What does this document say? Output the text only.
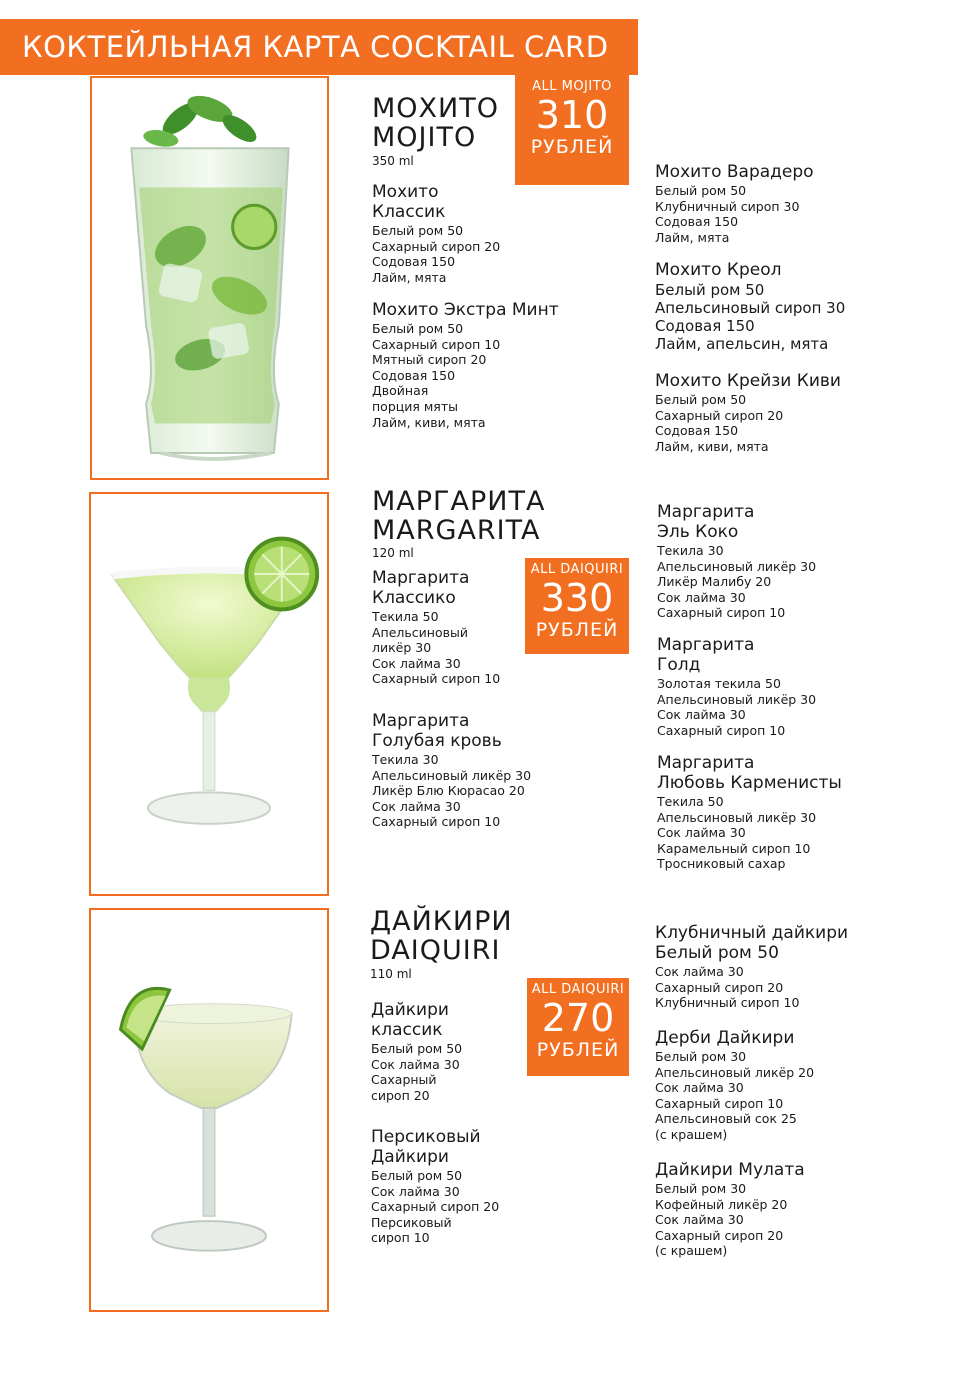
КОКТЕЙЛЬНАЯ КАРТА COCKTAIL CARD
МОХИТО
MOJITO
350 ml
ALL MOJITO
310
РУБЛЕЙ
Мохито
Классик
Белый ром 50
Сахарный сироп 20
Содовая 150
Лайм, мята
Мохито Экстра Минт
Белый ром 50
Сахарный сироп 10
Мятный сироп 20
Содовая 150
Двойная
порция мяты
Лайм, киви, мята
Мохито Варадеро
Белый ром 50
Клубничный сироп 30
Содовая 150
Лайм, мята
Мохито Креол
Белый ром 50
Апельсиновый сироп 30
Содовая 150
Лайм, апельсин, мята
Мохито Крейзи Киви
Белый ром 50
Сахарный сироп 20
Содовая 150
Лайм, киви, мята
МАРГАРИТА
MARGARITA
120 ml
ALL DAIQUIRI
330
РУБЛЕЙ
Маргарита
Классико
Текила 50
Апельсиновый
ликёр 30
Сок лайма 30
Сахарный сироп 10
Маргарита
Голубая кровь
Текила 30
Апельсиновый ликёр 30
Ликёр Блю Кюрасао 20
Сок лайма 30
Сахарный сироп 10
Маргарита
Эль Коко
Текила 30
Апельсиновый ликёр 30
Ликёр Малибу 20
Сок лайма 30
Сахарный сироп 10
Маргарита
Голд
Золотая текила 50
Апельсиновый ликёр 30
Сок лайма 30
Сахарный сироп 10
Маргарита
Любовь Карменисты
Текила 50
Апельсиновый ликёр 30
Сок лайма 30
Карамельный сироп 10
Тросниковый сахар
ДАЙКИРИ
DAIQUIRI
110 ml
ALL DAIQUIRI
270
РУБЛЕЙ
Дайкири
классик
Белый ром 50
Сок лайма 30
Сахарный
сироп 20
Персиковый
Дайкири
Белый ром 50
Сок лайма 30
Сахарный сироп 20
Персиковый
сироп 10
Клубничный дайкири
Белый ром 50
Сок лайма 30
Сахарный сироп 20
Клубничный сироп 10
Дерби Дайкири
Белый ром 30
Апельсиновый ликёр 20
Сок лайма 30
Сахарный сироп 10
Апельсиновый сок 25
(с крашем)
Дайкири Мулата
Белый ром 30
Кофейный ликёр 20
Сок лайма 30
Сахарный сироп 20
(с крашем)
